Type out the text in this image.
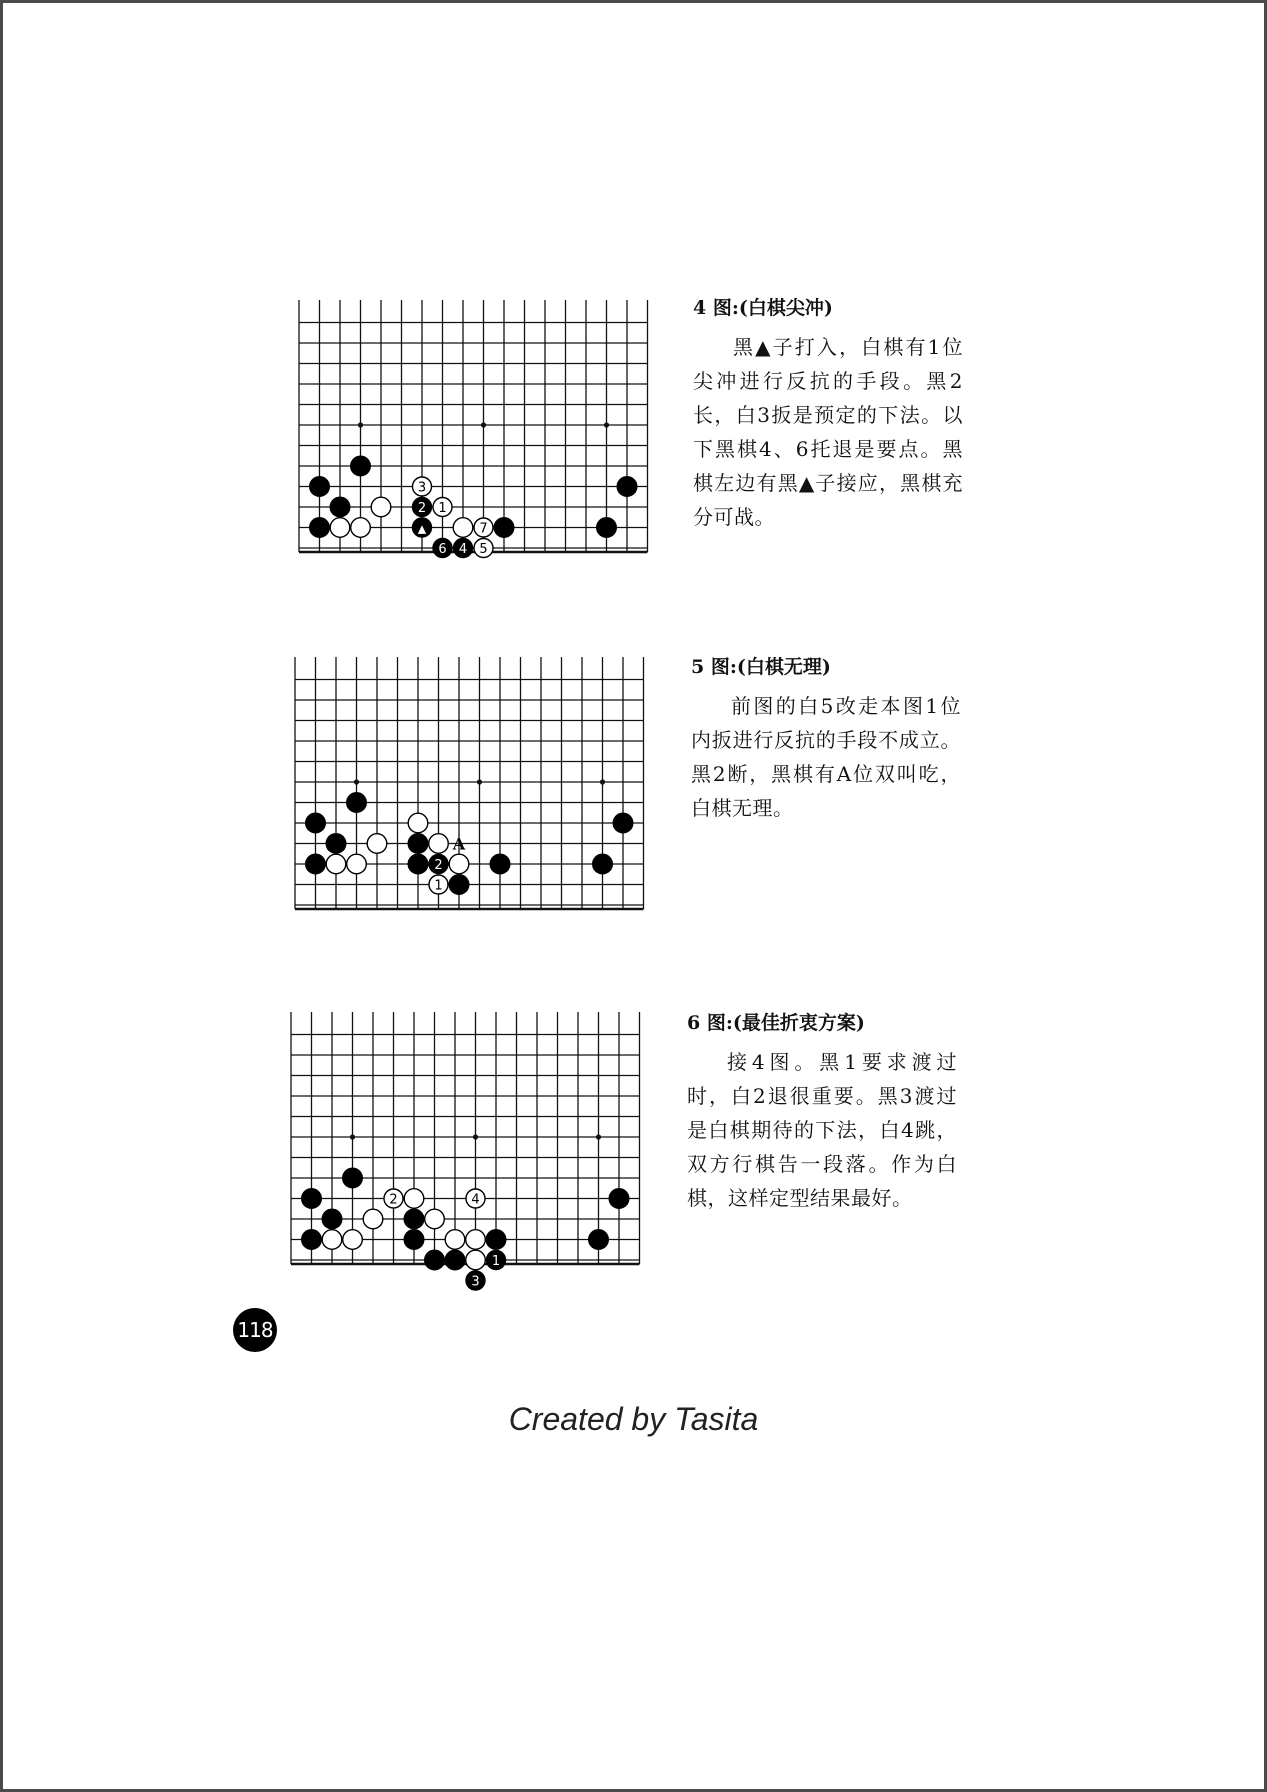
3
2 1
▲	7
6 4 5

4 图:(白棋尖冲)

黑▲子打入，白棋有1位尖冲进行反抗的手段。黑2长，白3扳是预定的下法。以下黑棋4、6托退是要点。黑棋左边有黑▲子接应，黑棋充分可战。

2
1
A

5 图:(白棋无理)

前图的白5改走本图1位内扳进行反抗的手段不成立。黑2断，黑棋有A位双叫吃，白棋无理。

2	4
1
3

6 图:(最佳折衷方案)

接4图。黑1要求渡过时，白2退很重要。黑3渡过是白棋期待的下法，白4跳，双方行棋告一段落。作为白棋，这样定型结果最好。

118
Created by Tasita
